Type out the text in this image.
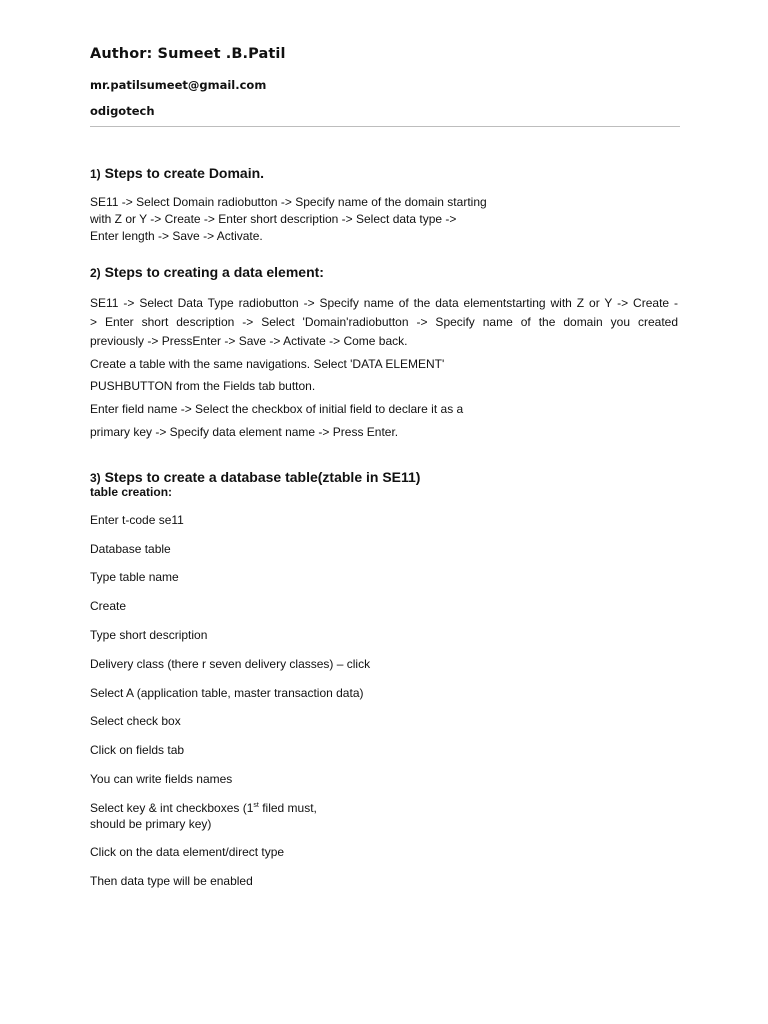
Author: Sumeet .B.Patil
mr.patilsumeet@gmail.com
odigotech
1) Steps to create Domain.
SE11 -> Select Domain radiobutton -> Specify name of the domain starting
with Z or Y -> Create -> Enter short description -> Select data type ->
Enter length -> Save -> Activate.
2) Steps to creating a data element:
SE11 -> Select Data Type radiobutton -> Specify name of the data elementstarting with Z or Y -> Create -
> Enter short description -> Select 'Domain'radiobutton -> Specify name of the domain you created
previously -> PressEnter -> Save -> Activate -> Come back.
Create a table with the same navigations. Select 'DATA ELEMENT'
PUSHBUTTON from the Fields tab button.
Enter field name -> Select the checkbox of initial field to declare it as a
primary key -> Specify data element name -> Press Enter.
3) Steps to create a database table(ztable in SE11)
table creation:
Enter t-code se11
Database table
Type table name
Create
Type short description
Delivery class (there r seven delivery classes) – click
Select A (application table, master transaction data)
Select check box
Click on fields tab
You can write fields names
Select key & int checkboxes (1st filed must,
should be primary key)
Click on the data element/direct type
Then data type will be enabled
